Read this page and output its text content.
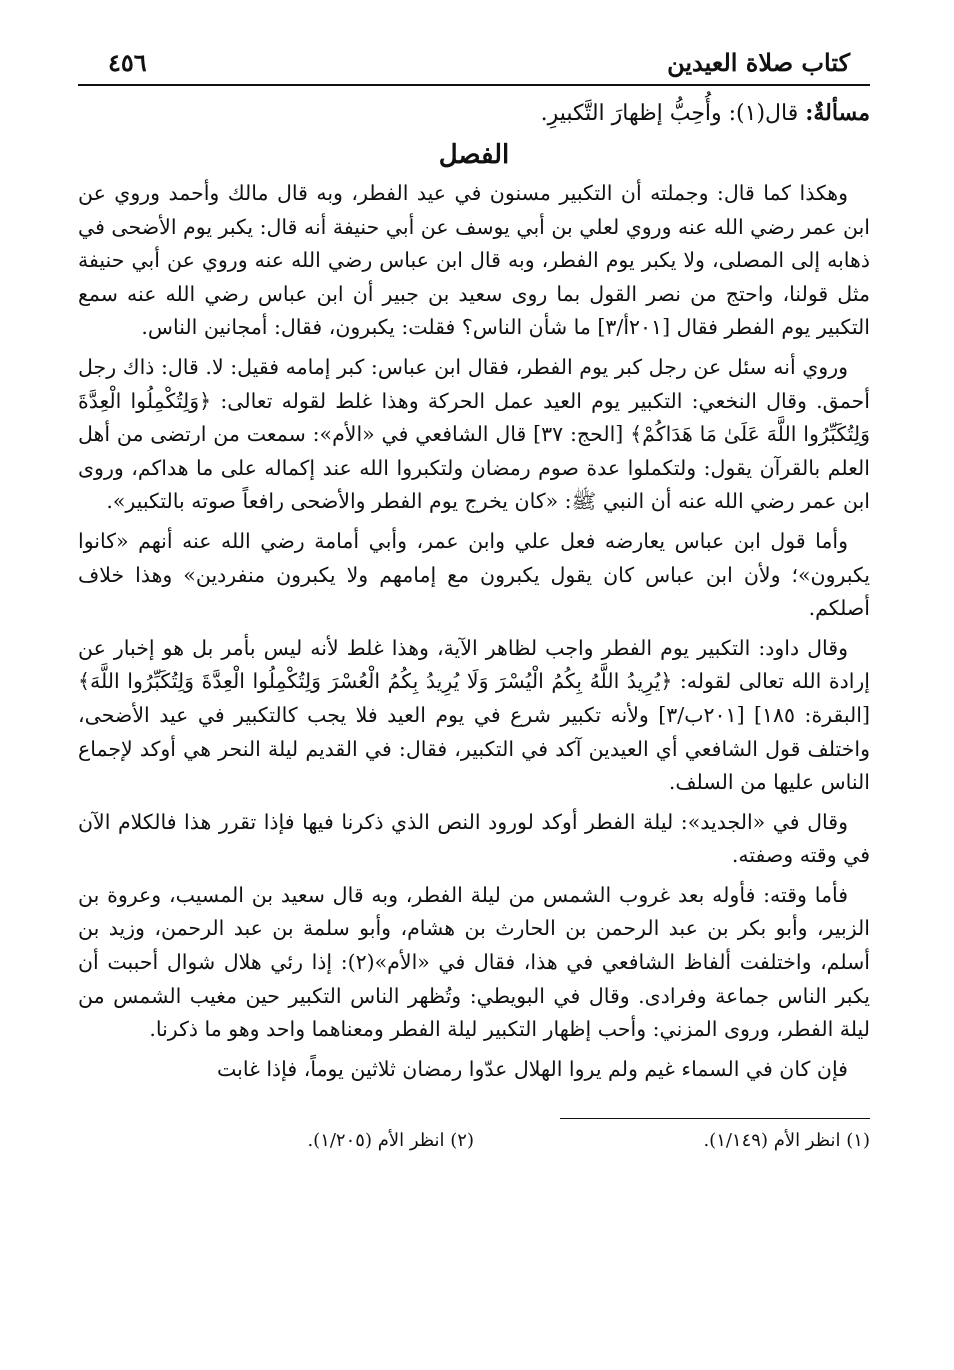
كتاب صلاة العيدين
٤٥٦
مسألةٌ: قال(١): وأُحِبُّ إظهارَ التَّكبيرِ.
الفصل

وهكذا كما قال: وجملته أن التكبير مسنون في عيد الفطر، وبه قال مالك وأحمد وروي عن ابن عمر رضي الله عنه وروي لعلي بن أبي يوسف عن أبي حنيفة أنه قال: يكبر يوم الأضحى في ذهابه إلى المصلى، ولا يكبر يوم الفطر، وبه قال ابن عباس رضي الله عنه وروي عن أبي حنيفة مثل قولنا، واحتج من نصر القول بما روى سعيد بن جبير أن ابن عباس رضي الله عنه سمع التكبير يوم الفطر فقال [٢٠١أ/٣] ما شأن الناس؟ فقلت: يكبرون، فقال: أمجانين الناس.

وروي أنه سئل عن رجل كبر يوم الفطر، فقال ابن عباس: كبر إمامه فقيل: لا. قال: ذاك رجل أحمق. وقال النخعي: التكبير يوم العيد عمل الحركة وهذا غلط لقوله تعالى: ﴿وَلِتُكْمِلُوا الْعِدَّةَ وَلِتُكَبِّرُوا اللَّهَ عَلَىٰ مَا هَدَاكُمْ﴾ [الحج: ٣٧] قال الشافعي في «الأم»: سمعت من ارتضى من أهل العلم بالقرآن يقول: ولتكملوا عدة صوم رمضان ولتكبروا الله عند إكماله على ما هداكم، وروى ابن عمر رضي الله عنه أن النبي ﷺ: «كان يخرج يوم الفطر والأضحى رافعاً صوته بالتكبير».

وأما قول ابن عباس يعارضه فعل علي وابن عمر، وأبي أمامة رضي الله عنه أنهم «كانوا يكبرون»؛ ولأن ابن عباس كان يقول يكبرون مع إمامهم ولا يكبرون منفردين» وهذا خلاف أصلكم.

وقال داود: التكبير يوم الفطر واجب لظاهر الآية، وهذا غلط لأنه ليس بأمر بل هو إخبار عن إرادة الله تعالى لقوله: ﴿يُرِيدُ اللَّهُ بِكُمُ الْيُسْرَ وَلَا يُرِيدُ بِكُمُ الْعُسْرَ وَلِتُكْمِلُوا الْعِدَّةَ وَلِتُكَبِّرُوا اللَّهَ﴾ [البقرة: ١٨٥] [٢٠١ب/٣] ولأنه تكبير شرع في يوم العيد فلا يجب كالتكبير في عيد الأضحى، واختلف قول الشافعي أي العيدين آكد في التكبير، فقال: في القديم ليلة النحر هي أوكد لإجماع الناس عليها من السلف.

وقال في «الجديد»: ليلة الفطر أوكد لورود النص الذي ذكرنا فيها فإذا تقرر هذا فالكلام الآن في وقته وصفته.

فأما وقته: فأوله بعد غروب الشمس من ليلة الفطر، وبه قال سعيد بن المسيب، وعروة بن الزبير، وأبو بكر بن عبد الرحمن بن الحارث بن هشام، وأبو سلمة بن عبد الرحمن، وزيد بن أسلم، واختلفت ألفاظ الشافعي في هذا، فقال في «الأم»(٢): إذا رئي هلال شوال أحببت أن يكبر الناس جماعة وفرادى. وقال في البويطي: وتُظهر الناس التكبير حين مغيب الشمس من ليلة الفطر، وروى المزني: وأحب إظهار التكبير ليلة الفطر ومعناهما واحد وهو ما ذكرنا.

فإن كان في السماء غيم ولم يروا الهلال عدّوا رمضان ثلاثين يوماً، فإذا غابت

(١) انظر الأم (١/١٤٩).
(٢) انظر الأم (١/٢٠٥).
